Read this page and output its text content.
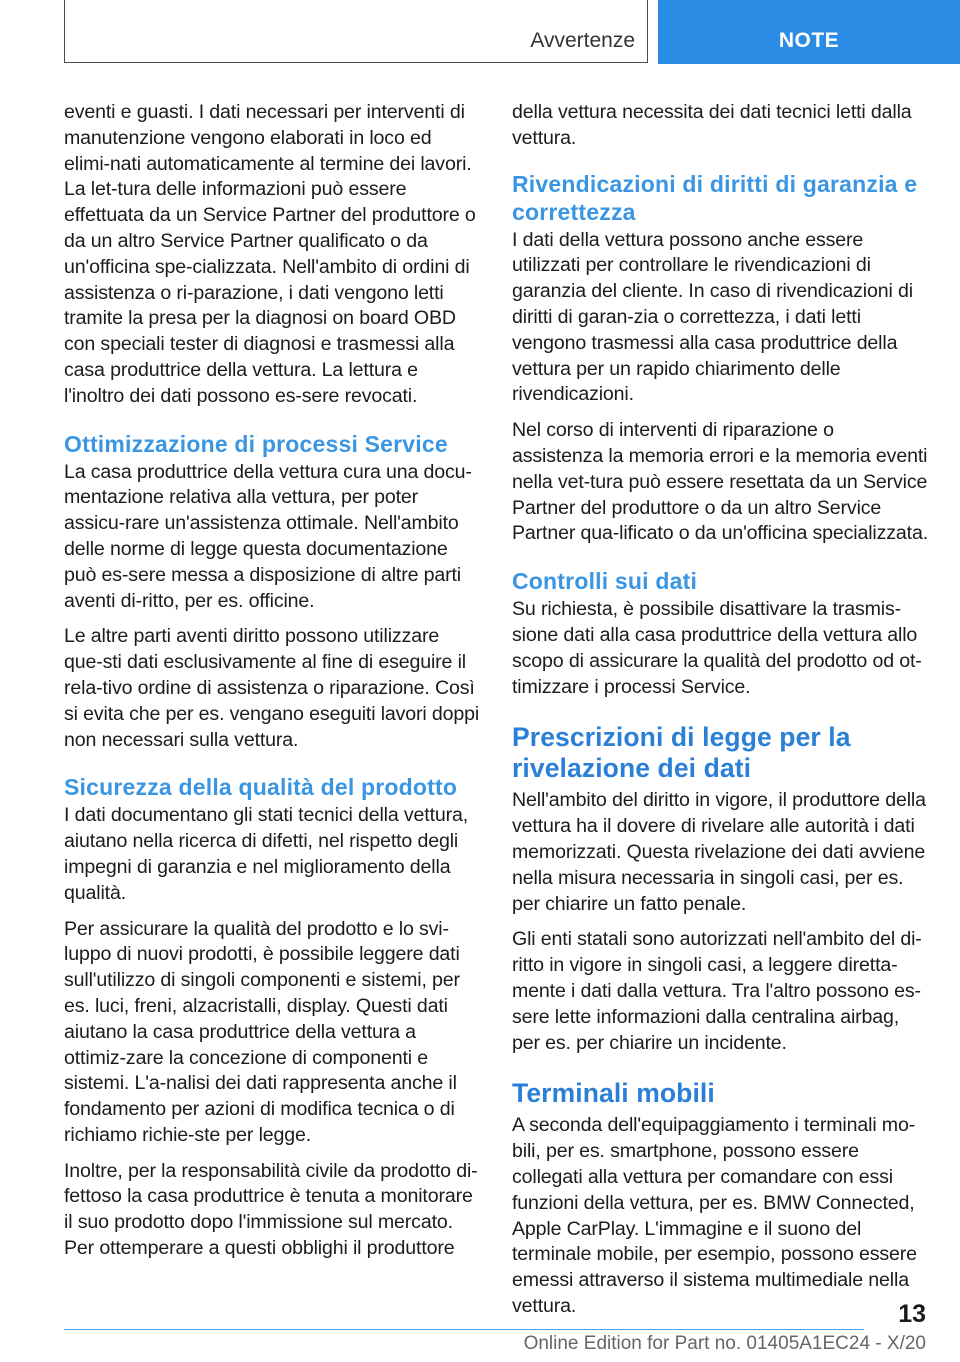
Avvertenze	NOTE

eventi e guasti. I dati necessari per interventi di manutenzione vengono elaborati in loco ed elimi‐nati automaticamente al termine dei lavori. La let‐tura delle informazioni può essere effettuata da un Service Partner del produttore o da un altro Service Partner qualificato o da un'officina spe‐cializzata. Nell'ambito di ordini di assistenza o ri‐parazione, i dati vengono letti tramite la presa per la diagnosi on board OBD con speciali tester di diagnosi e trasmessi alla casa produttrice della vettura. La lettura e l'inoltro dei dati possono es‐sere revocati.

Ottimizzazione di processi Service

La casa produttrice della vettura cura una docu‐mentazione relativa alla vettura, per poter assicu‐rare un'assistenza ottimale. Nell'ambito delle norme di legge questa documentazione può es‐sere messa a disposizione di altre parti aventi di‐ritto, per es. officine.

Le altre parti aventi diritto possono utilizzare que‐sti dati esclusivamente al fine di eseguire il rela‐tivo ordine di assistenza o riparazione. Così si evita che per es. vengano eseguiti lavori doppi non necessari sulla vettura.

Sicurezza della qualità del prodotto

I dati documentano gli stati tecnici della vettura, aiutano nella ricerca di difetti, nel rispetto degli impegni di garanzia e nel miglioramento della qualità.

Per assicurare la qualità del prodotto e lo svi‐luppo di nuovi prodotti, è possibile leggere dati sull'utilizzo di singoli componenti e sistemi, per es. luci, freni, alzacristalli, display. Questi dati aiutano la casa produttrice della vettura a ottimiz‐zare la concezione di componenti e sistemi. L'a‐nalisi dei dati rappresenta anche il fondamento per azioni di modifica tecnica o di richiamo richie‐ste per legge.

Inoltre, per la responsabilità civile da prodotto di‐fettoso la casa produttrice è tenuta a monitorare il suo prodotto dopo l'immissione sul mercato. Per ottemperare a questi obblighi il produttore

della vettura necessita dei dati tecnici letti dalla vettura.

Rivendicazioni di diritti di garanzia e correttezza

I dati della vettura possono anche essere utilizzati per controllare le rivendicazioni di garanzia del cliente. In caso di rivendicazioni di diritti di garan‐zia o correttezza, i dati letti vengono trasmessi alla casa produttrice della vettura per un rapido chiarimento delle rivendicazioni.

Nel corso di interventi di riparazione o assistenza la memoria errori e la memoria eventi nella vet‐tura può essere resettata da un Service Partner del produttore o da un altro Service Partner qua‐lificato o da un'officina specializzata.

Controlli sui dati

Su richiesta, è possibile disattivare la trasmis‐sione dati alla casa produttrice della vettura allo scopo di assicurare la qualità del prodotto od ot‐timizzare i processi Service.

Prescrizioni di legge per la rivelazione dei dati

Nell'ambito del diritto in vigore, il produttore della vettura ha il dovere di rivelare alle autorità i dati memorizzati. Questa rivelazione dei dati avviene nella misura necessaria in singoli casi, per es. per chiarire un fatto penale.

Gli enti statali sono autorizzati nell'ambito del di‐ritto in vigore in singoli casi, a leggere diretta‐mente i dati dalla vettura. Tra l'altro possono es‐sere lette informazioni dalla centralina airbag, per es. per chiarire un incidente.

Terminali mobili

A seconda dell'equipaggiamento i terminali mo‐bili, per es. smartphone, possono essere collegati alla vettura per comandare con essi funzioni della vettura, per es. BMW Connected, Apple CarPlay. L'immagine e il suono del terminale mobile, per esempio, possono essere emessi attraverso il sistema multimediale nella vettura.	13
Online Edition for Part no. 01405A1EC24 - X/20
